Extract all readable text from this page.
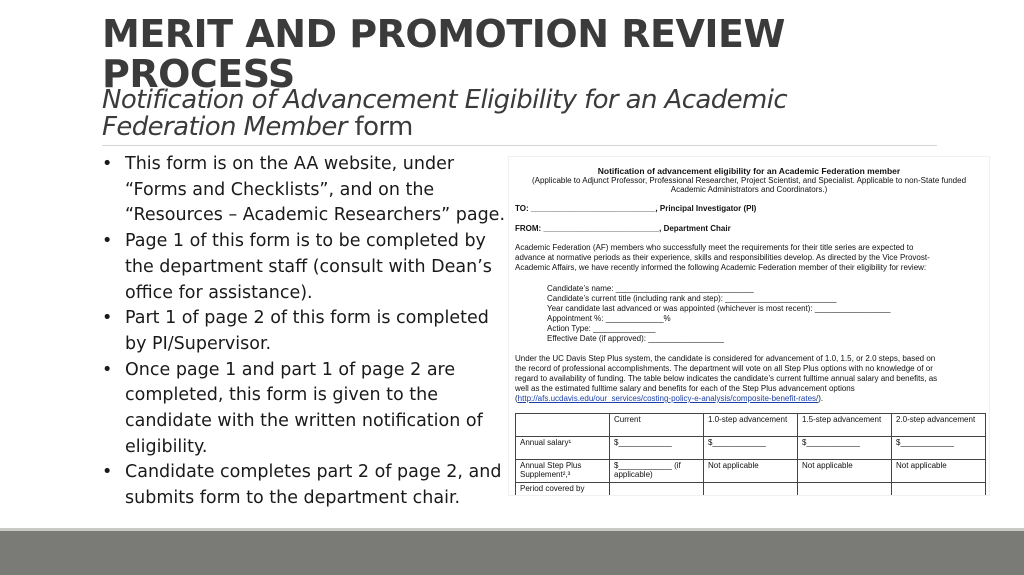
MERIT AND PROMOTION REVIEW PROCESS
Notification of Advancement Eligibility for an Academic Federation Member form
• This form is on the AA website, under “Forms and Checklists”, and on the “Resources – Academic Researchers” page.
• Page 1 of this form is to be completed by the department staff (consult with Dean’s office for assistance).
• Part 1 of page 2 of this form is completed by PI/Supervisor.
• Once page 1 and part 1 of page 2 are completed, this form is given to the candidate with the written notification of eligibility.
• Candidate completes part 2 of page 2, and submits form to the department chair.
Notification of advancement eligibility for an Academic Federation member
(Applicable to Adjunct Professor, Professional Researcher, Project Scientist, and Specialist. Applicable to non-State funded
Academic Administrators and Coordinators.)
TO: ____________________________, Principal Investigator (PI)
FROM: __________________________, Department Chair
Academic Federation (AF) members who successfully meet the requirements for their title series are expected to
advance at normative periods as their experience, skills and responsibilities develop. As directed by the Vice Provost-
Academic Affairs, we have recently informed the following Academic Federation member of their eligibility for review:
Candidate’s name: _______________________________
Candidate’s current title (including rank and step): _________________________
Year candidate last advanced or was appointed (whichever is most recent): _________________
Appointment %: _____________%
Action Type: ______________
Effective Date (if approved): _________________
Under the UC Davis Step Plus system, the candidate is considered for advancement of 1.0, 1.5, or 2.0 steps, based on
the record of professional accomplishments. The department will vote on all Step Plus options with no knowledge of or
regard to availability of funding. The table below indicates the candidate’s current fulltime annual salary and benefits, as
well as the estimated fulltime salary and benefits for each of the Step Plus advancement options
(http://afs.ucdavis.edu/our_services/costing-policy-e-analysis/composite-benefit-rates/).
	Current	1.0-step advancement	1.5-step advancement	2.0-step advancement
Annual salary¹	$____________	$____________	$____________	$____________
Annual Step Plus Supplement²,³	$____________ (if applicable)	Not applicable	Not applicable	Not applicable
Period covered by				
